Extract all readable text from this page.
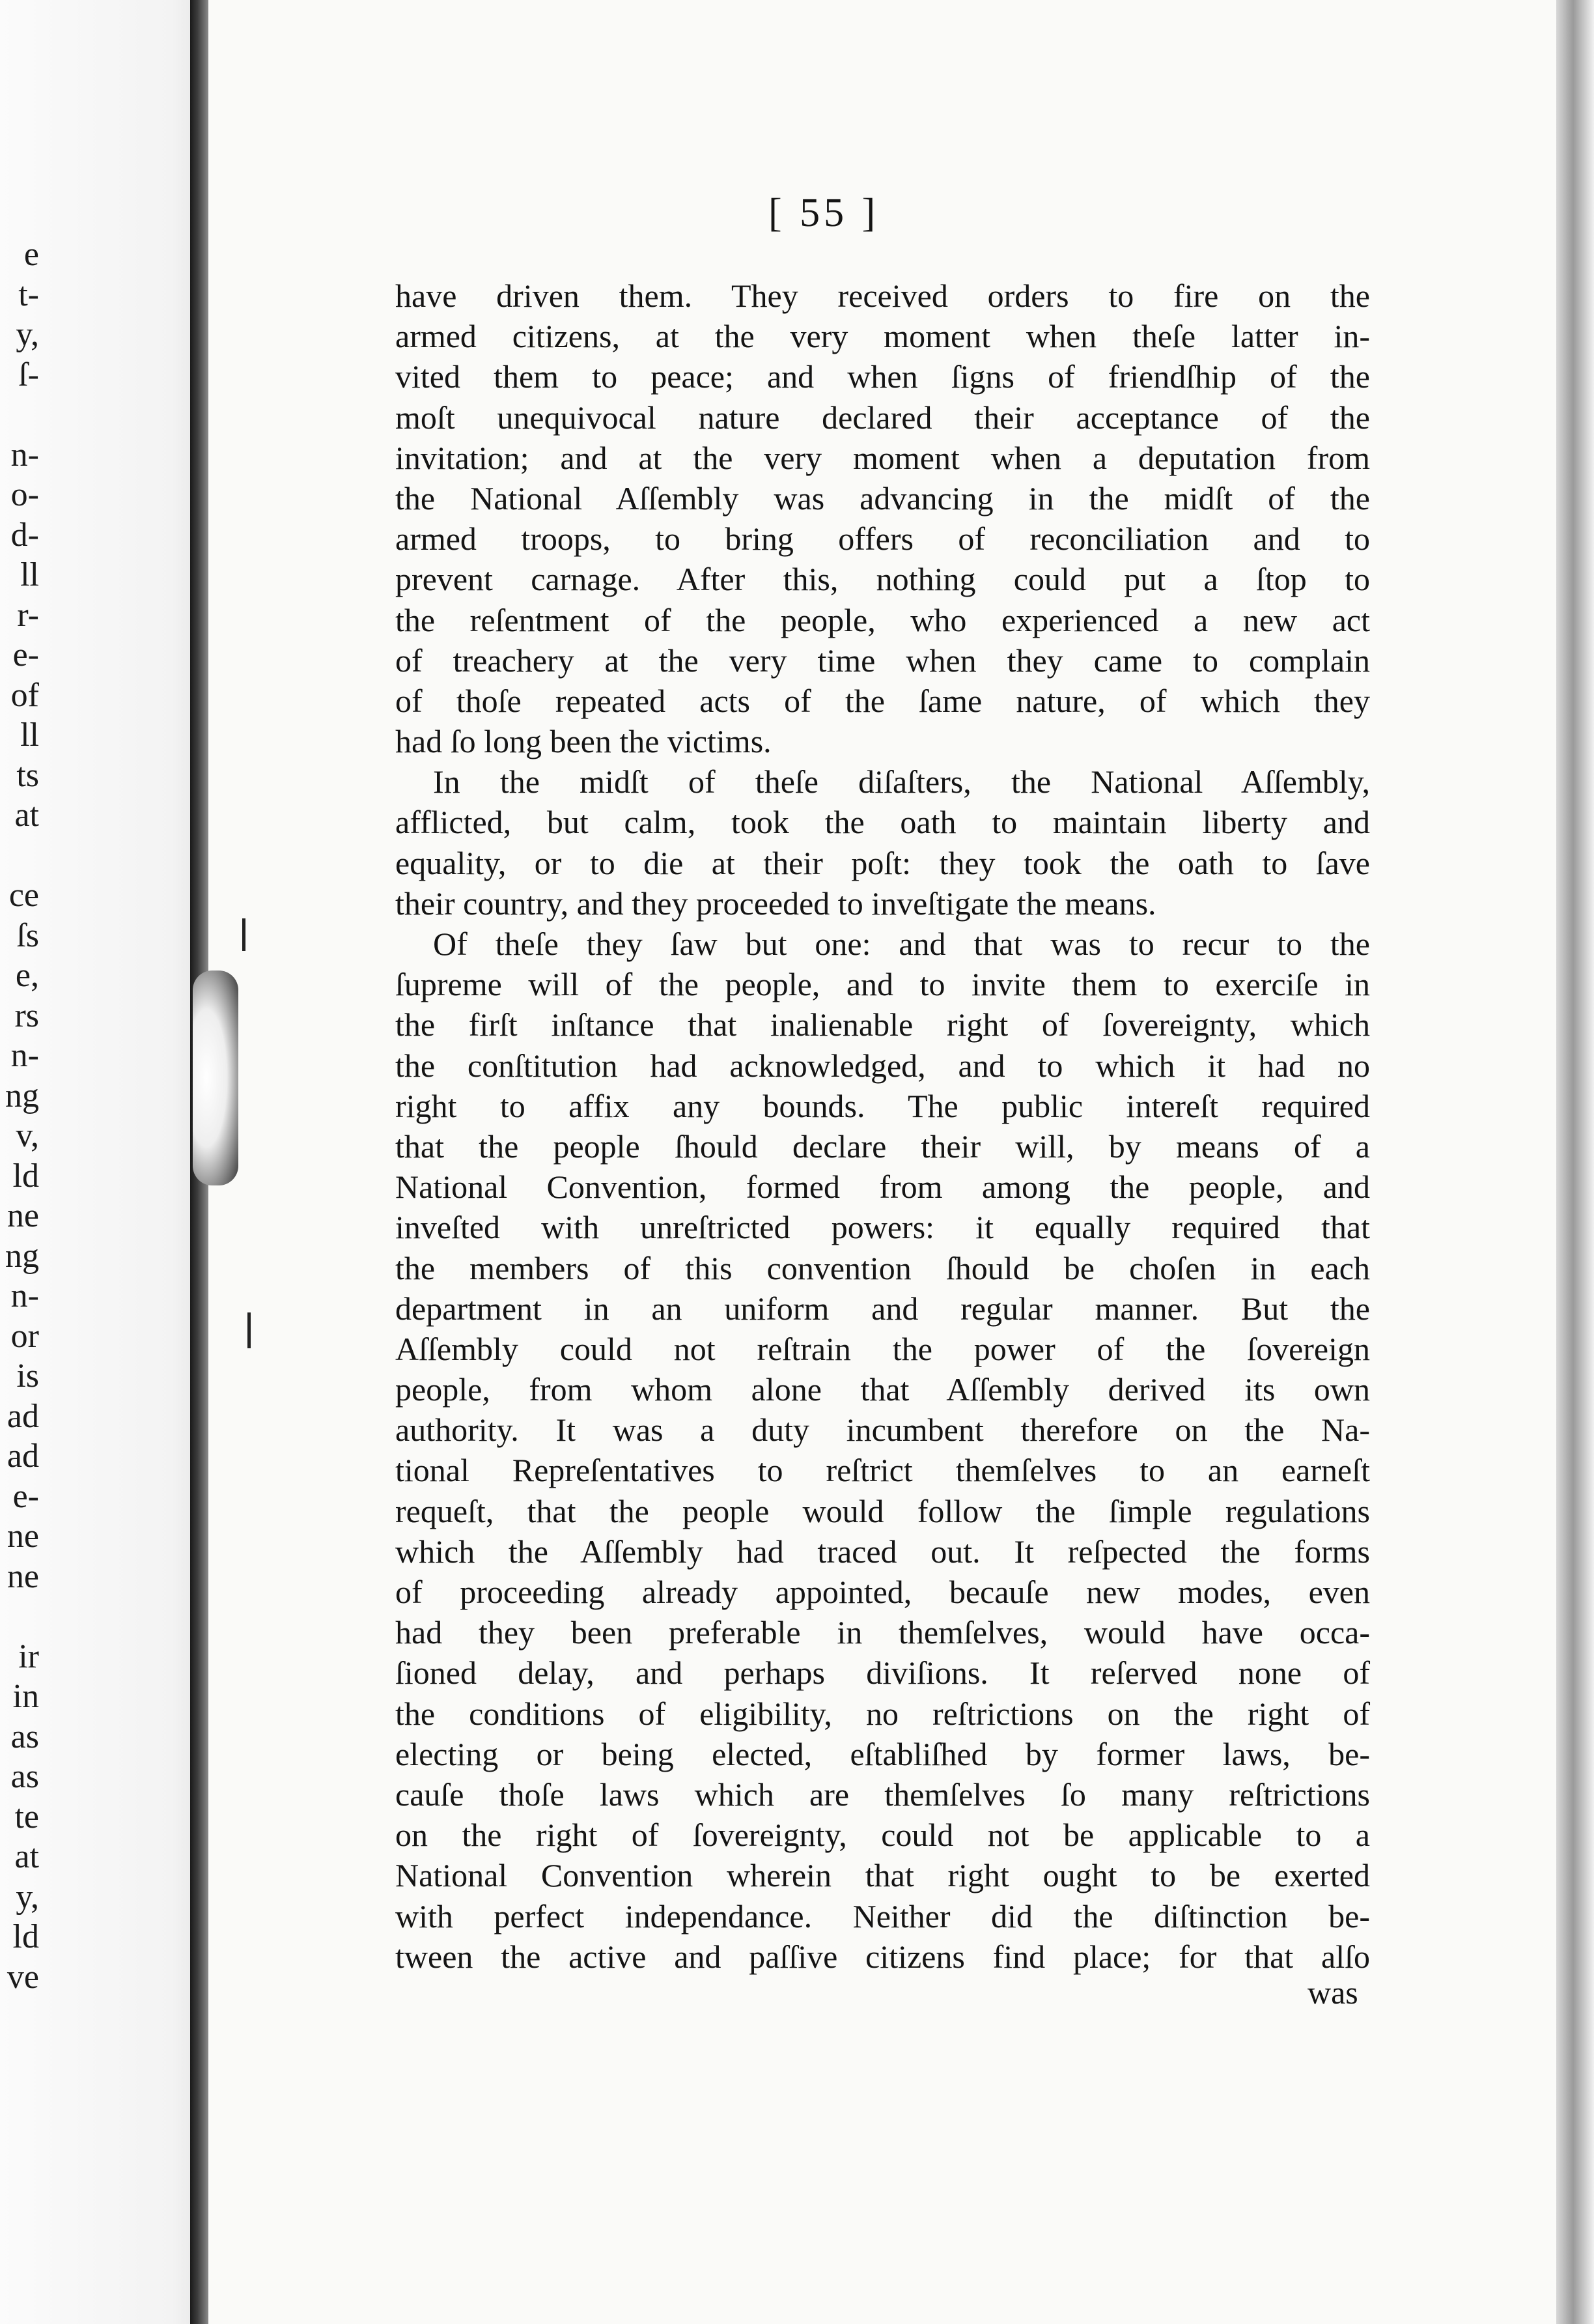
e
t-
y,
ſ-
n-
o-
d-
ll
r-
e-
of
ll
ts
at
ce
ſs
e,
rs
n-
ng
v,
ld
ne
ng
n-
or
is
ad
ad
e-
ne
ne
ir
in
as
as
te
at
y,
ld
ve
[ 55 ]
have driven them. They received orders to fire on the
armed citizens, at the very moment when theſe latter in-
vited them to peace; and when ſigns of friendſhip of the
moſt unequivocal nature declared their acceptance of the
invitation; and at the very moment when a deputation from
the National Aſſembly was advancing in the midſt of the
armed troops, to bring offers of reconciliation and to
prevent carnage. After this, nothing could put a ſtop to
the reſentment of the people, who experienced a new act
of treachery at the very time when they came to complain
of thoſe repeated acts of the ſame nature, of which they
had ſo long been the victims.
In the midſt of theſe diſaſters, the National Aſſembly,
afflicted, but calm, took the oath to maintain liberty and
equality, or to die at their poſt: they took the oath to ſave
their country, and they proceeded to inveſtigate the means.
Of theſe they ſaw but one: and that was to recur to the
ſupreme will of the people, and to invite them to exerciſe in
the firſt inſtance that inalienable right of ſovereignty, which
the conſtitution had acknowledged, and to which it had no
right to affix any bounds. The public intereſt required
that the people ſhould declare their will, by means of a
National Convention, formed from among the people, and
inveſted with unreſtricted powers: it equally required that
the members of this convention ſhould be choſen in each
department in an uniform and regular manner. But the
Aſſembly could not reſtrain the power of the ſovereign
people, from whom alone that Aſſembly derived its own
authority. It was a duty incumbent therefore on the Na-
tional Repreſentatives to reſtrict themſelves to an earneſt
requeſt, that the people would follow the ſimple regulations
which the Aſſembly had traced out. It reſpected the forms
of proceeding already appointed, becauſe new modes, even
had they been preferable in themſelves, would have occa-
ſioned delay, and perhaps diviſions. It reſerved none of
the conditions of eligibility, no reſtrictions on the right of
electing or being elected, eſtabliſhed by former laws, be-
cauſe thoſe laws which are themſelves ſo many reſtrictions
on the right of ſovereignty, could not be applicable to a
National Convention wherein that right ought to be exerted
with perfect independance. Neither did the diſtinction be-
tween the active and paſſive citizens find place; for that alſo
was
